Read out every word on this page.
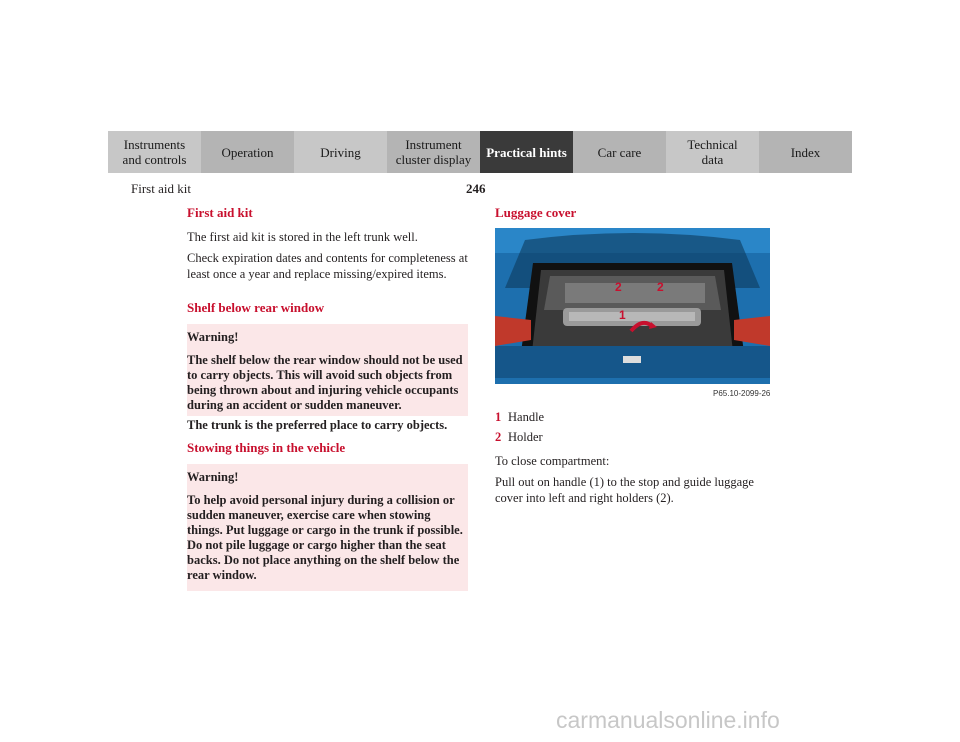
Instruments
and controls	Operation	Driving	Instrument
cluster display	Practical hints	Car care	Technical
data	Index
First aid kit	246
First aid kit

The first aid kit is stored in the left trunk well.

Check expiration dates and contents for completeness at least once a year and replace missing/expired items.

Shelf below rear window
Warning!
The shelf below the rear window should not be used to carry objects. This will avoid such objects from being thrown about and injuring vehicle occupants during an accident or sudden maneuver.
The trunk is the preferred place to carry objects.
Stowing things in the vehicle
Warning!
To help avoid personal injury during a collision or sudden maneuver, exercise care when stowing things. Put luggage or cargo in the trunk if possible. Do not pile luggage or cargo higher than the seat backs. Do not place anything on the shelf below the rear window.
Luggage cover
2	2
1
P65.10-2099-26
1 Handle
2 Holder

To close compartment:

Pull out on handle (1) to the stop and guide luggage cover into left and right holders (2).

carmanualsonline.info
